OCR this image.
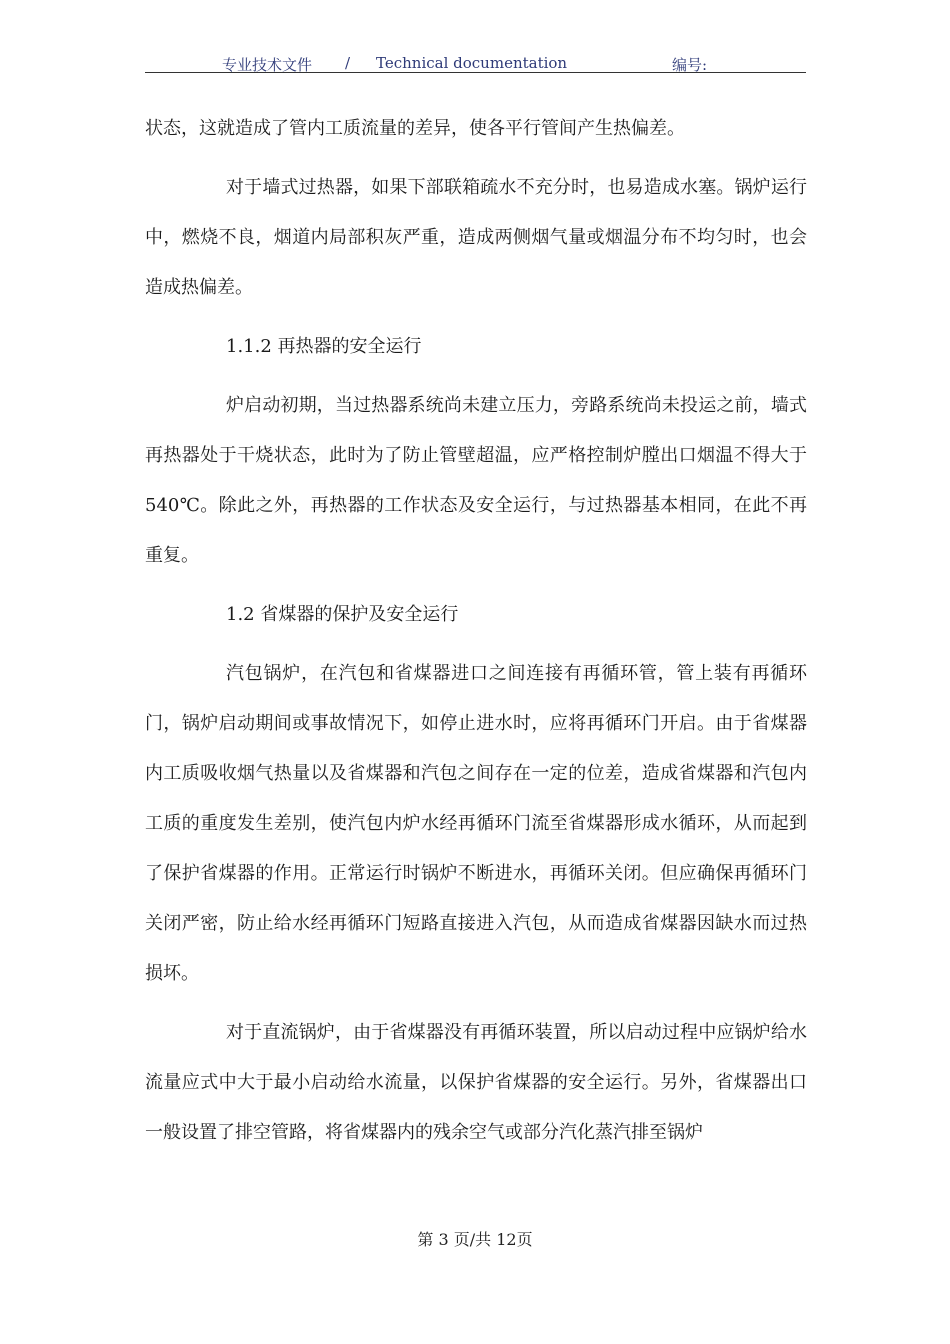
专业技术文件 / Technical documentation	编号:

状态，这就造成了管内工质流量的差异，使各平行管间产生热偏差。

对于墙式过热器，如果下部联箱疏水不充分时，也易造成水塞。锅炉运行中，燃烧不良，烟道内局部积灰严重，造成两侧烟气量或烟温分布不均匀时，也会造成热偏差。

1.1.2 再热器的安全运行

炉启动初期，当过热器系统尚未建立压力，旁路系统尚未投运之前，墙式再热器处于干烧状态，此时为了防止管壁超温，应严格控制炉膛出口烟温不得大于 540℃。除此之外，再热器的工作状态及安全运行，与过热器基本相同，在此不再重复。

1.2 省煤器的保护及安全运行

汽包锅炉，在汽包和省煤器进口之间连接有再循环管，管上装有再循环门，锅炉启动期间或事故情况下，如停止进水时，应将再循环门开启。由于省煤器内工质吸收烟气热量以及省煤器和汽包之间存在一定的位差，造成省煤器和汽包内工质的重度发生差别，使汽包内炉水经再循环门流至省煤器形成水循环，从而起到了保护省煤器的作用。正常运行时锅炉不断进水，再循环关闭。但应确保再循环门关闭严密，防止给水经再循环门短路直接进入汽包，从而造成省煤器因缺水而过热损坏。

对于直流锅炉，由于省煤器没有再循环装置，所以启动过程中应锅炉给水流量应式中大于最小启动给水流量，以保护省煤器的安全运行。另外，省煤器出口一般设置了排空管路，将省煤器内的残余空气或部分汽化蒸汽排至锅炉

第 3 页/共 12页
